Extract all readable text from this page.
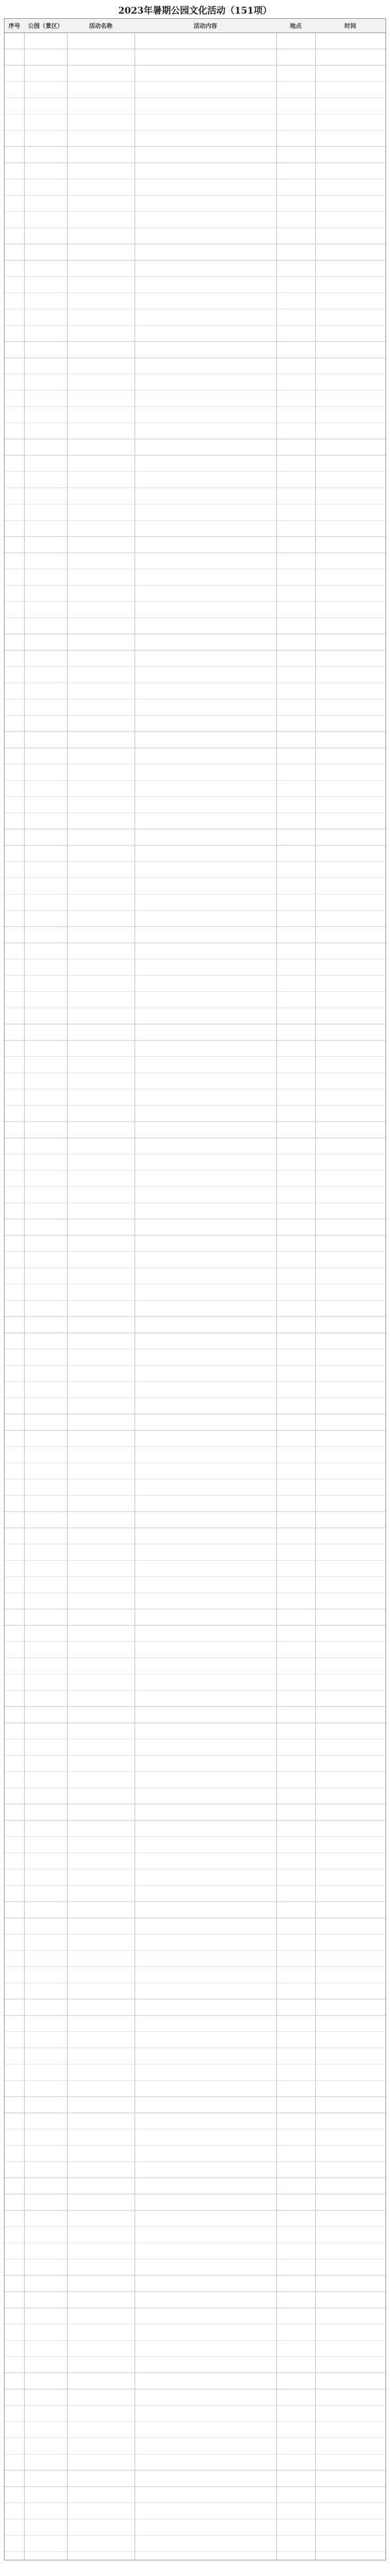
2023年暑期公园文化活动（151项）
序号	公园（景区）	活动名称	活动内容	地点	时间
